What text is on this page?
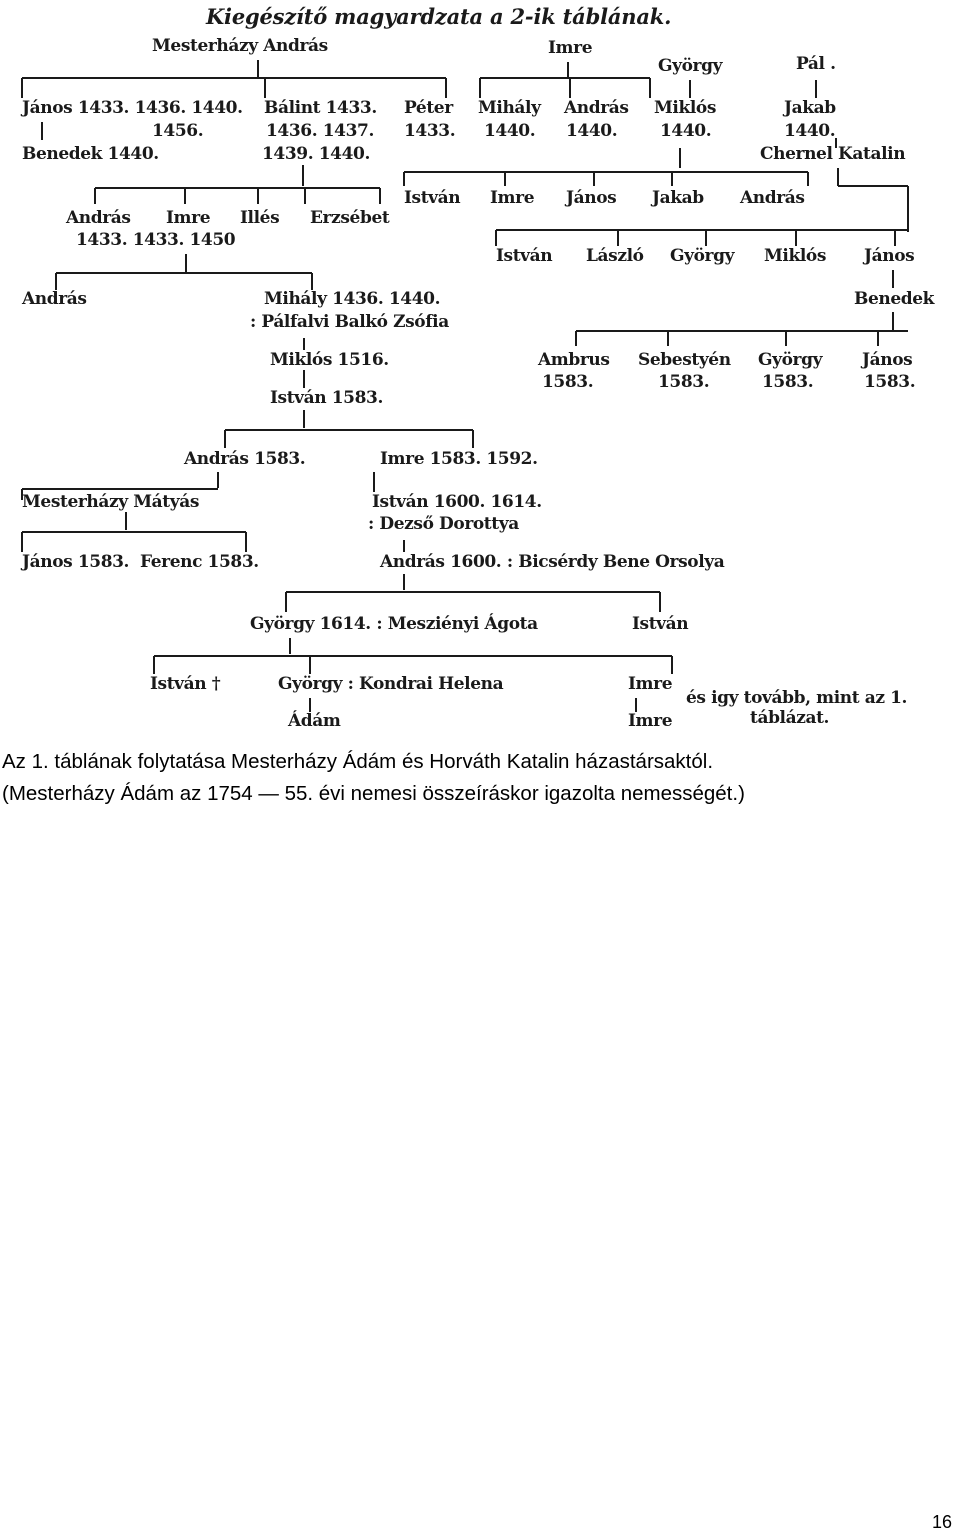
Kiegészítő magyardzata a 2-ik táblának.
Mesterházy András	Imre
György	Pál .
János 1433. 1436. 1440.
1456.
Benedek 1440.
Bálint 1433.
1436. 1437.
1439. 1440.
Péter
1433.
Mihály
1440.
András
1440.
Miklós
1440.
Jakab
1440.
Chernel Katalin
István Imre János Jakab András
András Imre Illés Erzsébet
1433. 1433. 1450
István László György Miklós János
András	Mihály 1436. 1440.
: Pálfalvi Balkó Zsófia
Benedek
Miklós 1516.
István 1583.
Ambrus
1583.
Sebestyén
1583.
György
1583.
János
1583.
András 1583.	Imre 1583. 1592.
Mesterházy Mátyás	István 1600. 1614.
: Dezső Dorottya
János 1583. Ferenc 1583.	András 1600. : Bicsérdy Bene Orsolya
György 1614. : Mesziényi Ágota	István
István †	György : Kondrai Helena	Imre
Ádám	Imre
és igy tovább, mint az 1.
táblázat.
Az 1. táblának folytatása Mesterházy Ádám és Horváth Katalin házastársaktól.
(Mesterházy Ádám az 1754 — 55. évi nemesi összeíráskor igazolta nemességét.)
16
